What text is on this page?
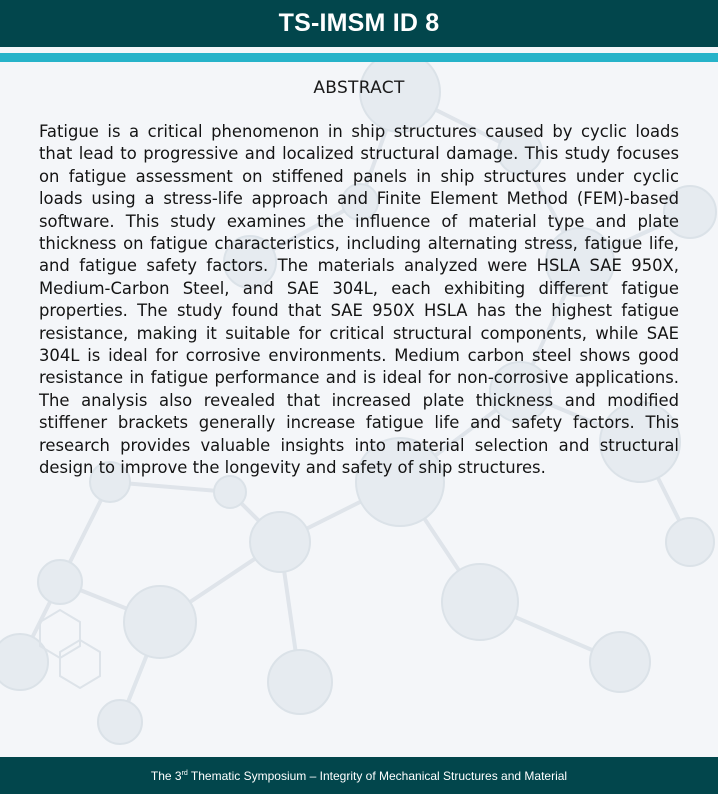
TS-IMSM ID 8
ABSTRACT
Fatigue is a critical phenomenon in ship structures caused by cyclic loads that lead to progressive and localized structural damage. This study focuses on fatigue assessment on stiffened panels in ship structures under cyclic loads using a stress-life approach and Finite Element Method (FEM)-based software. This study examines the influence of material type and plate thickness on fatigue characteristics, including alternating stress, fatigue life, and fatigue safety factors. The materials analyzed were HSLA SAE 950X, Medium-Carbon Steel, and SAE 304L, each exhibiting different fatigue properties. The study found that SAE 950X HSLA has the highest fatigue resistance, making it suitable for critical structural components, while SAE 304L is ideal for corrosive environments. Medium carbon steel shows good resistance in fatigue performance and is ideal for non-corrosive applications. The analysis also revealed that increased plate thickness and modified stiffener brackets generally increase fatigue life and safety factors. This research provides valuable insights into material selection and structural design to improve the longevity and safety of ship structures.
The 3rd Thematic Symposium – Integrity of Mechanical Structures and Material
